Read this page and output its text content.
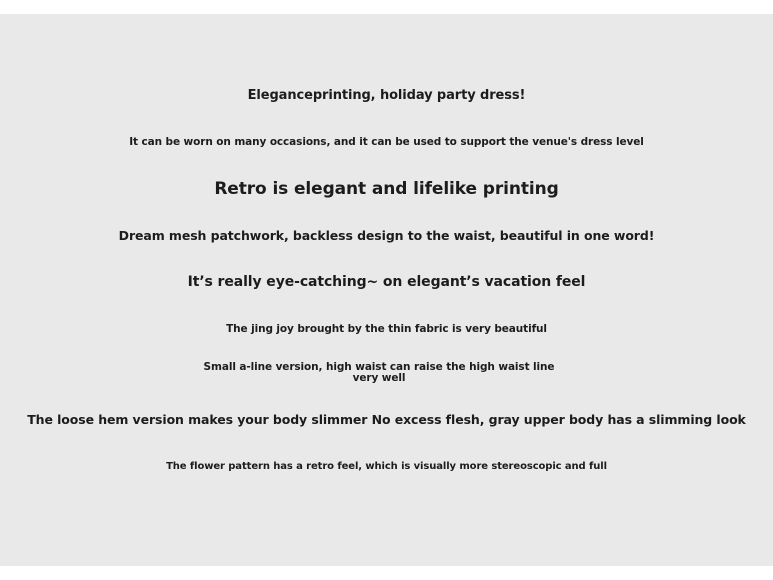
Eleganceprinting, holiday party dress!
It can be worn on many occasions, and it can be used to support the venue's dress level
Retro is elegant and lifelike printing
Dream mesh patchwork, backless design to the waist, beautiful in one word!
It’s really eye-catching~ on elegant’s vacation feel
The jing joy brought by the thin fabric is very beautiful
Small a-line version, high waist can raise the high waist line very well
The loose hem version makes your body slimmer No excess flesh, gray upper body has a slimming look
The flower pattern has a retro feel, which is visually more stereoscopic and full
